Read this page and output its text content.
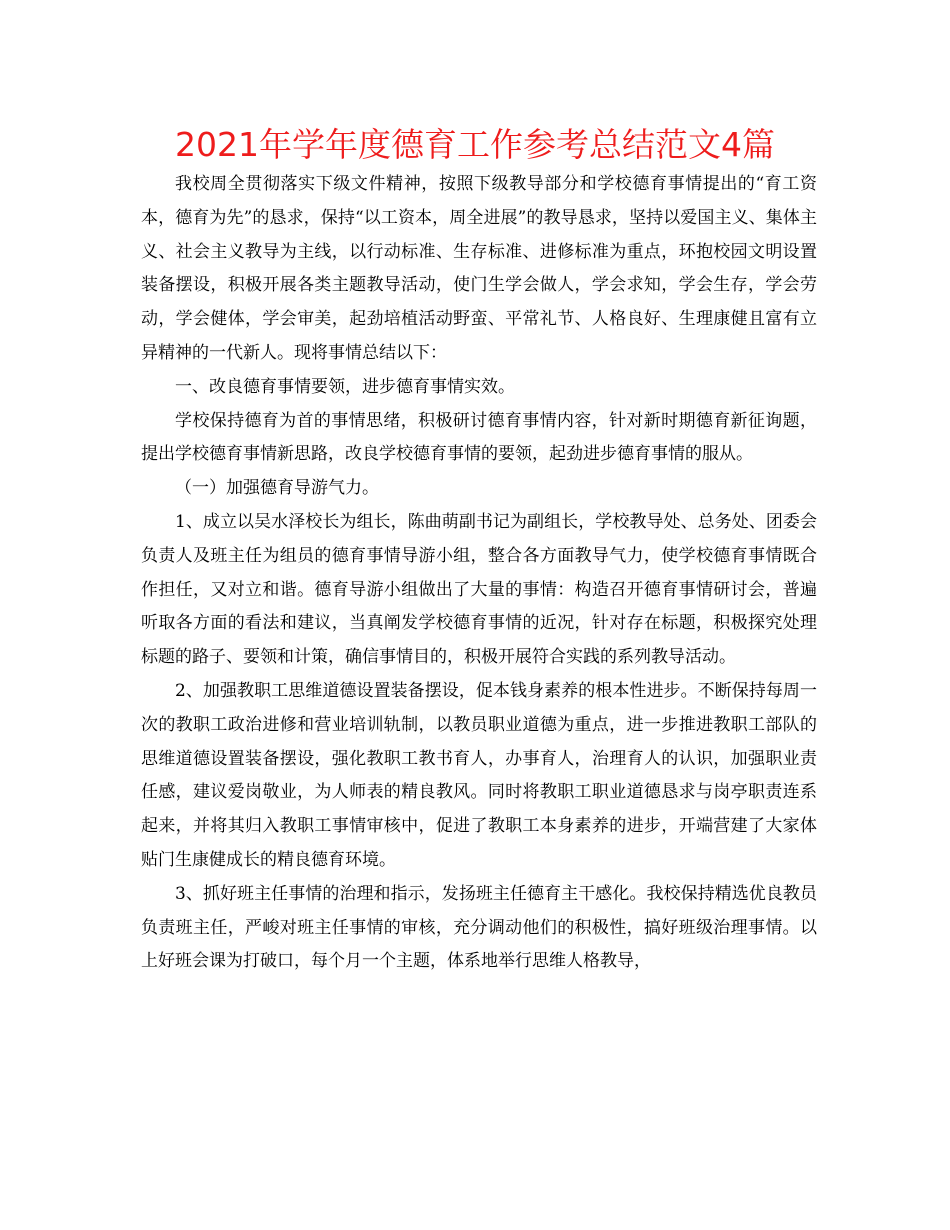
2021年学年度德育工作参考总结范文4篇

我校周全贯彻落实下级文件精神，按照下级教导部分和学校德育事情提出的“育工资本，德育为先”的恳求，保持“以工资本，周全进展”的教导恳求，坚持以爱国主义、集体主义、社会主义教导为主线，以行动标准、生存标准、进修标准为重点，环抱校园文明设置装备摆设，积极开展各类主题教导活动，使门生学会做人，学会求知，学会生存，学会劳动，学会健体，学会审美，起劲培植活动野蛮、平常礼节、人格良好、生理康健且富有立异精神的一代新人。现将事情总结以下：

一、改良德育事情要领，进步德育事情实效。

学校保持德育为首的事情思绪，积极研讨德育事情内容，针对新时期德育新征询题，提出学校德育事情新思路，改良学校德育事情的要领，起劲进步德育事情的服从。

（一）加强德育导游气力。

1、成立以吴水泽校长为组长，陈曲萌副书记为副组长，学校教导处、总务处、团委会负责人及班主任为组员的德育事情导游小组，整合各方面教导气力，使学校德育事情既合作担任，又对立和谐。德育导游小组做出了大量的事情：构造召开德育事情研讨会，普遍听取各方面的看法和建议，当真阐发学校德育事情的近况，针对存在标题，积极探究处理标题的路子、要领和计策，确信事情目的，积极开展符合实践的系列教导活动。

2、加强教职工思维道德设置装备摆设，促本钱身素养的根本性进步。不断保持每周一次的教职工政治进修和营业培训轨制，以教员职业道德为重点，进一步推进教职工部队的思维道德设置装备摆设，强化教职工教书育人，办事育人，治理育人的认识，加强职业责任感，建议爱岗敬业，为人师表的精良教风。同时将教职工职业道德恳求与岗亭职责连系起来，并将其归入教职工事情审核中，促进了教职工本身素养的进步，开端营建了大家体贴门生康健成长的精良德育环境。

3、抓好班主任事情的治理和指示，发扬班主任德育主干感化。我校保持精选优良教员负责班主任，严峻对班主任事情的审核，充分调动他们的积极性，搞好班级治理事情。以上好班会课为打破口，每个月一个主题，体系地举行思维人格教导，
